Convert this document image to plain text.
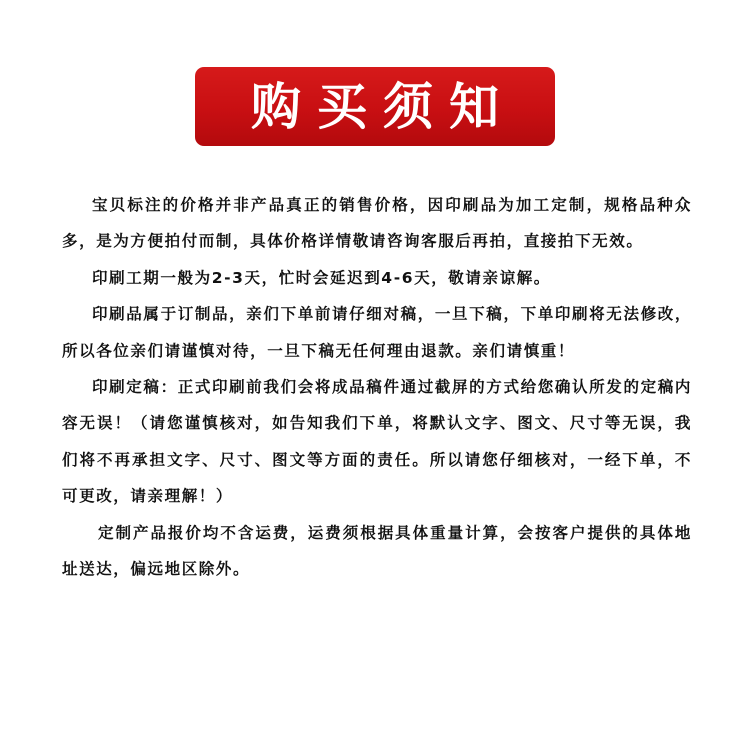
购买须知

宝贝标注的价格并非产品真正的销售价格，因印刷品为加工定制，规格品种众多，是为方便拍付而制，具体价格详情敬请咨询客服后再拍，直接拍下无效。

印刷工期一般为2-3天，忙时会延迟到4-6天，敬请亲谅解。

印刷品属于订制品，亲们下单前请仔细对稿，一旦下稿，下单印刷将无法修改，所以各位亲们请谨慎对待，一旦下稿无任何理由退款。亲们请慎重！

印刷定稿：正式印刷前我们会将成品稿件通过截屏的方式给您确认所发的定稿内容无误！（请您谨慎核对，如告知我们下单，将默认文字、图文、尺寸等无误，我们将不再承担文字、尺寸、图文等方面的责任。所以请您仔细核对，一经下单，不可更改，请亲理解！）

定制产品报价均不含运费，运费须根据具体重量计算，会按客户提供的具体地址送达，偏远地区除外。
